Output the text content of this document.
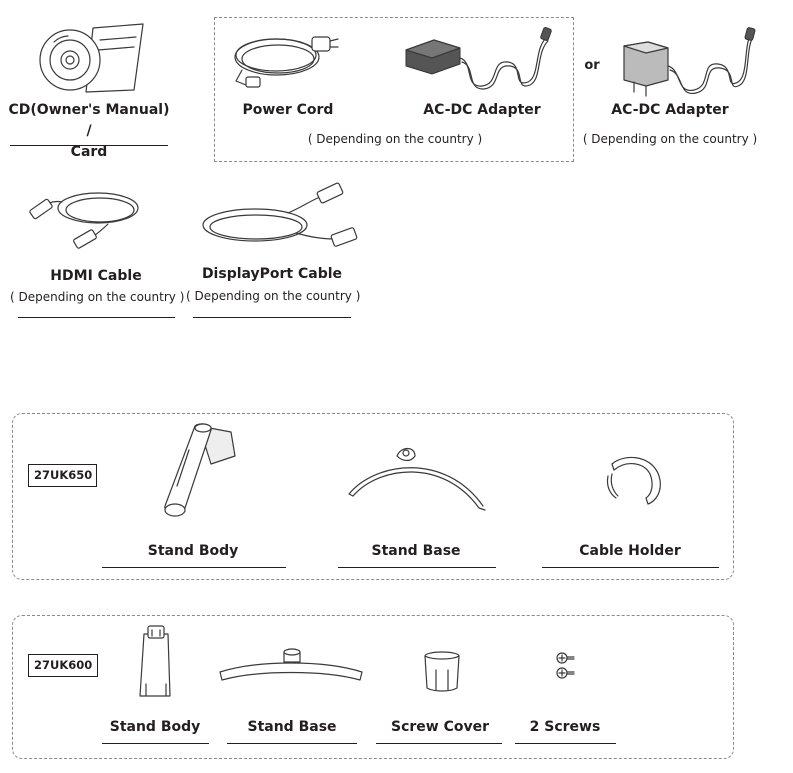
CD(Owner's Manual) /
Card
Power Cord	AC-DC Adapter
( Depending on the country )
or
AC-DC Adapter
( Depending on the country )
HDMI Cable
( Depending on the country )
DisplayPort Cable
( Depending on the country )
27UK650
Stand Body	Stand Base	Cable Holder
27UK600
Stand Body	Stand Base	Screw Cover	2 Screws
